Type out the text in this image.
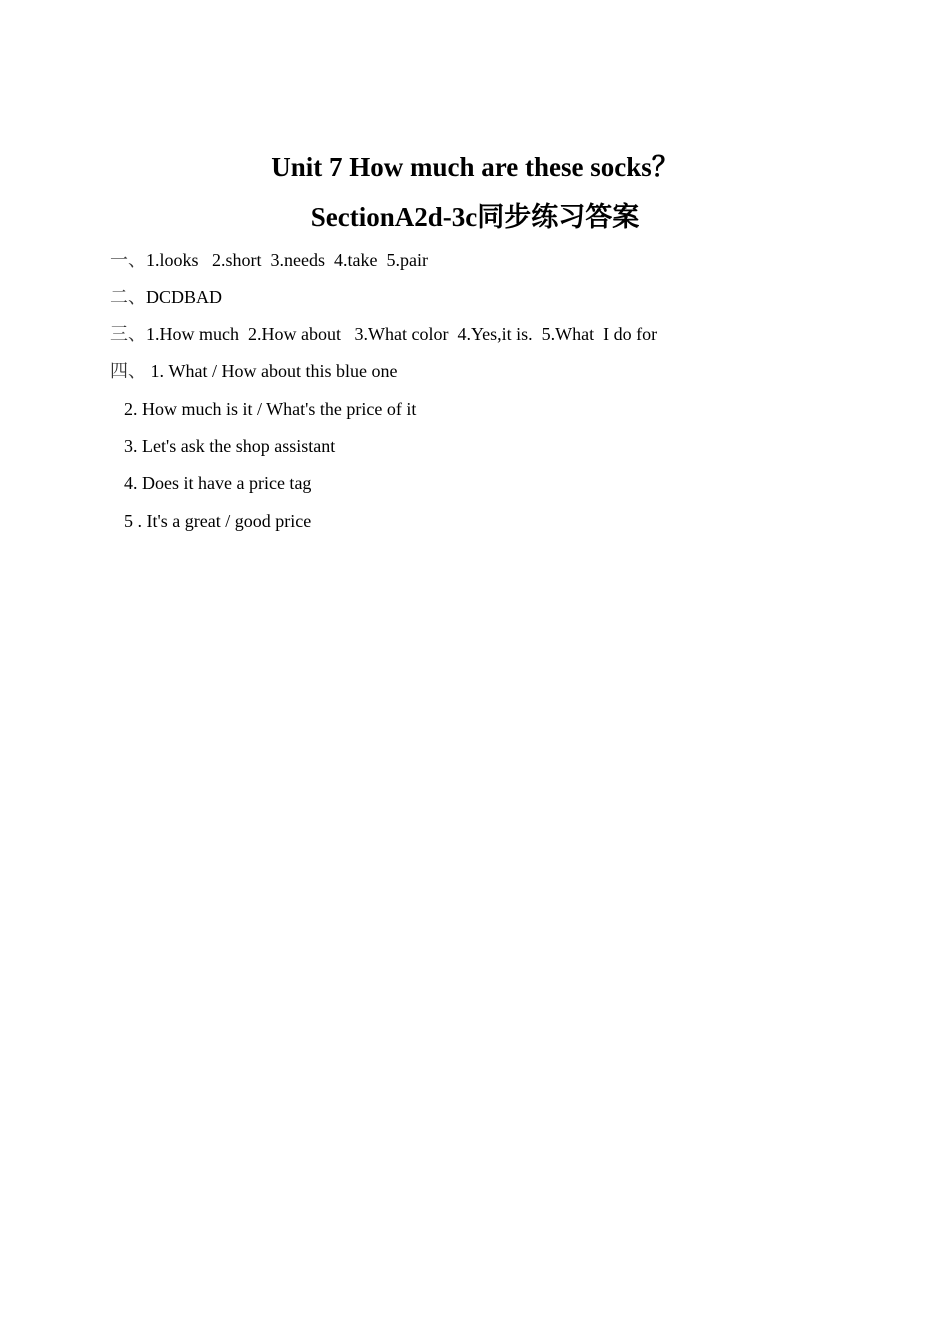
Unit 7 How much are these socks？
SectionA2d-3c同步练习答案
一、1.looks   2.short  3.needs  4.take  5.pair
二、DCDBAD
三、1.How much  2.How about   3.What color  4.Yes,it is.  5.What  I do for
四、 1. What / How about this blue one
2. How much is it / What's the price of it
3. Let's ask the shop assistant
4. Does it have a price tag
5 . It's a great / good price
